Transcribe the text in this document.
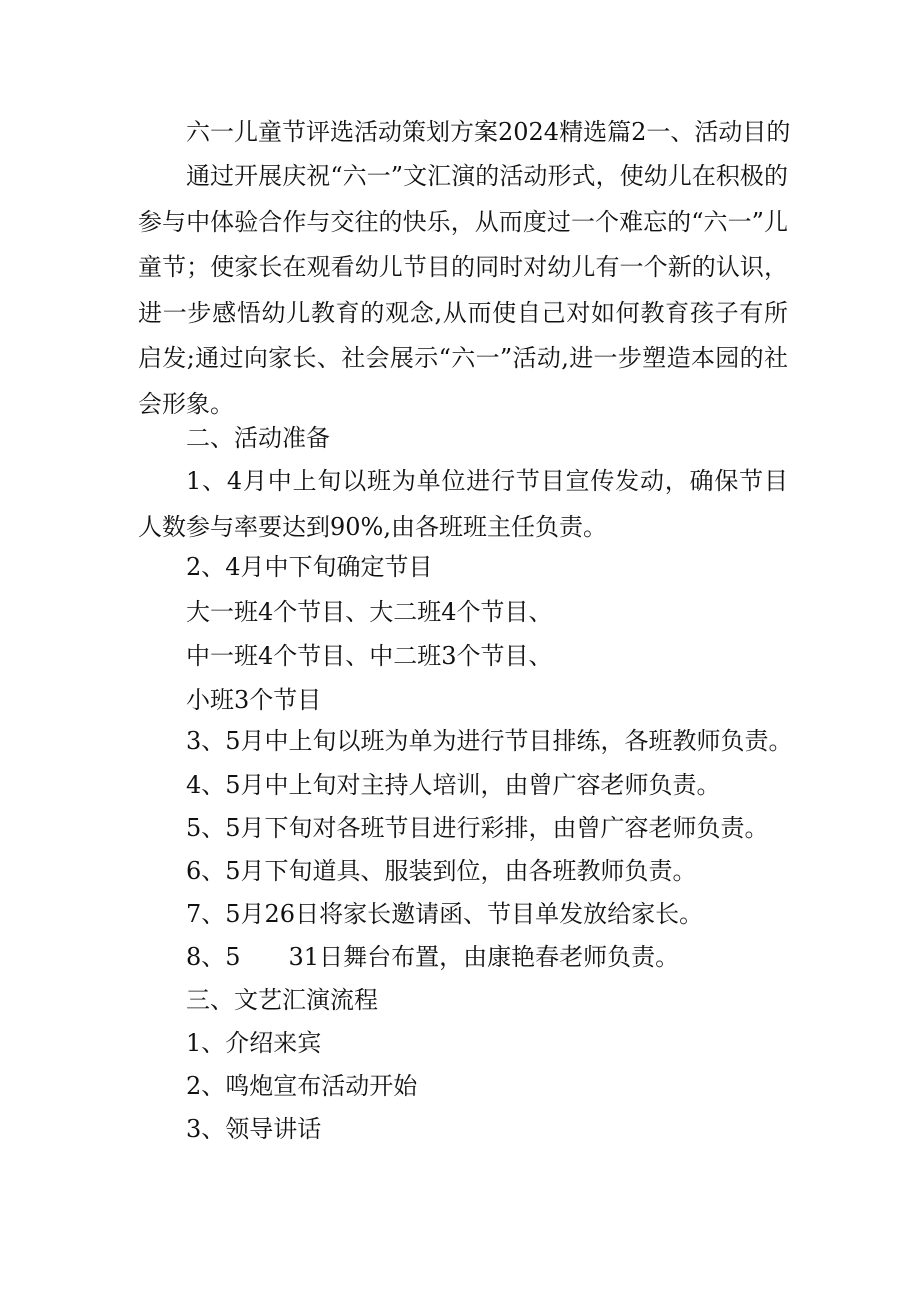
六一儿童节评选活动策划方案2024精选篇2一、活动目的
通过开展庆祝“六一”文汇演的活动形式，使幼儿在积极的参与中体验合作与交往的快乐，从而度过一个难忘的“六一”儿童节；使家长在观看幼儿节目的同时对幼儿有一个新的认识，进一步感悟幼儿教育的观念,从而使自己对如何教育孩子有所启发;通过向家长、社会展示“六一”活动,进一步塑造本园的社会形象。
二、活动准备
1、4月中上旬以班为单位进行节目宣传发动，确保节目人数参与率要达到90%,由各班班主任负责。
2、4月中下旬确定节目
大一班4个节目、大二班4个节目、
中一班4个节目、中二班3个节目、
小班3个节目
3、5月中上旬以班为单为进行节目排练，各班教师负责。
4、5月中上旬对主持人培训，由曾广容老师负责。
5、5月下旬对各班节目进行彩排，由曾广容老师负责。
6、5月下旬道具、服装到位，由各班教师负责。
7、5月26日将家长邀请函、节目单发放给家长。
8、5　　31日舞台布置，由康艳春老师负责。
三、文艺汇演流程
1、介绍来宾
2、鸣炮宣布活动开始
3、领导讲话
